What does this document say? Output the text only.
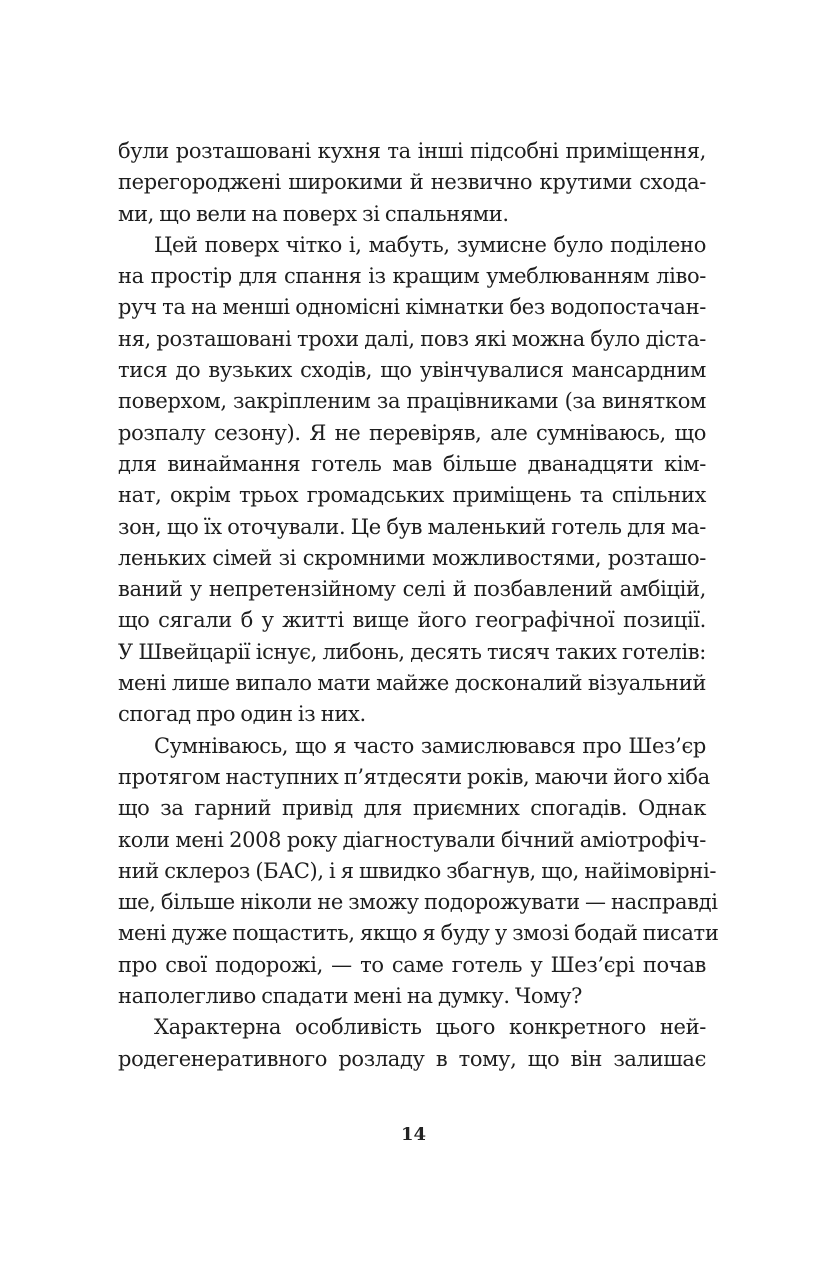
були розташовані кухня та інші підсобні приміщення,
перегороджені широкими й незвично крутими схода-
ми, що вели на поверх зі спальнями.
Цей поверх чітко і, мабуть, зумисне було поділено
на простір для спання із кращим умеблюванням ліво-
руч та на менші одномісні кімнатки без водопостачан-
ня, розташовані трохи далі, повз які можна було діста-
тися до вузьких сходів, що увінчувалися мансардним
поверхом, закріпленим за працівниками (за винятком
розпалу сезону). Я не перевіряв, але сумніваюсь, що
для винаймання готель мав більше дванадцяти кім-
нат, окрім трьох громадських приміщень та спільних
зон, що їх оточували. Це був маленький готель для ма-
леньких сімей зі скромними можливостями, розташо-
ваний у непретензійному селі й позбавлений амбіцій,
що сягали б у житті вище його географічної позиції.
У Швейцарії існує, либонь, десять тисяч таких готелів:
мені лише випало мати майже досконалий візуальний
спогад про один із них.
Сумніваюсь, що я часто замислювався про Шез’єр
протягом наступних п’ятдесяти років, маючи його хіба
що за гарний привід для приємних спогадів. Однак
коли мені 2008 року діагностували бічний аміотрофіч-
ний склероз (БАС), і я швидко збагнув, що, найімовірні-
ше, більше ніколи не зможу подорожувати — насправді
мені дуже пощастить, якщо я буду у змозі бодай писати
про свої подорожі, — то саме готель у Шез’єрі почав
наполегливо спадати мені на думку. Чому?
Характерна особливість цього конкретного ней-
родегенеративного розладу в тому, що він залишає
14
